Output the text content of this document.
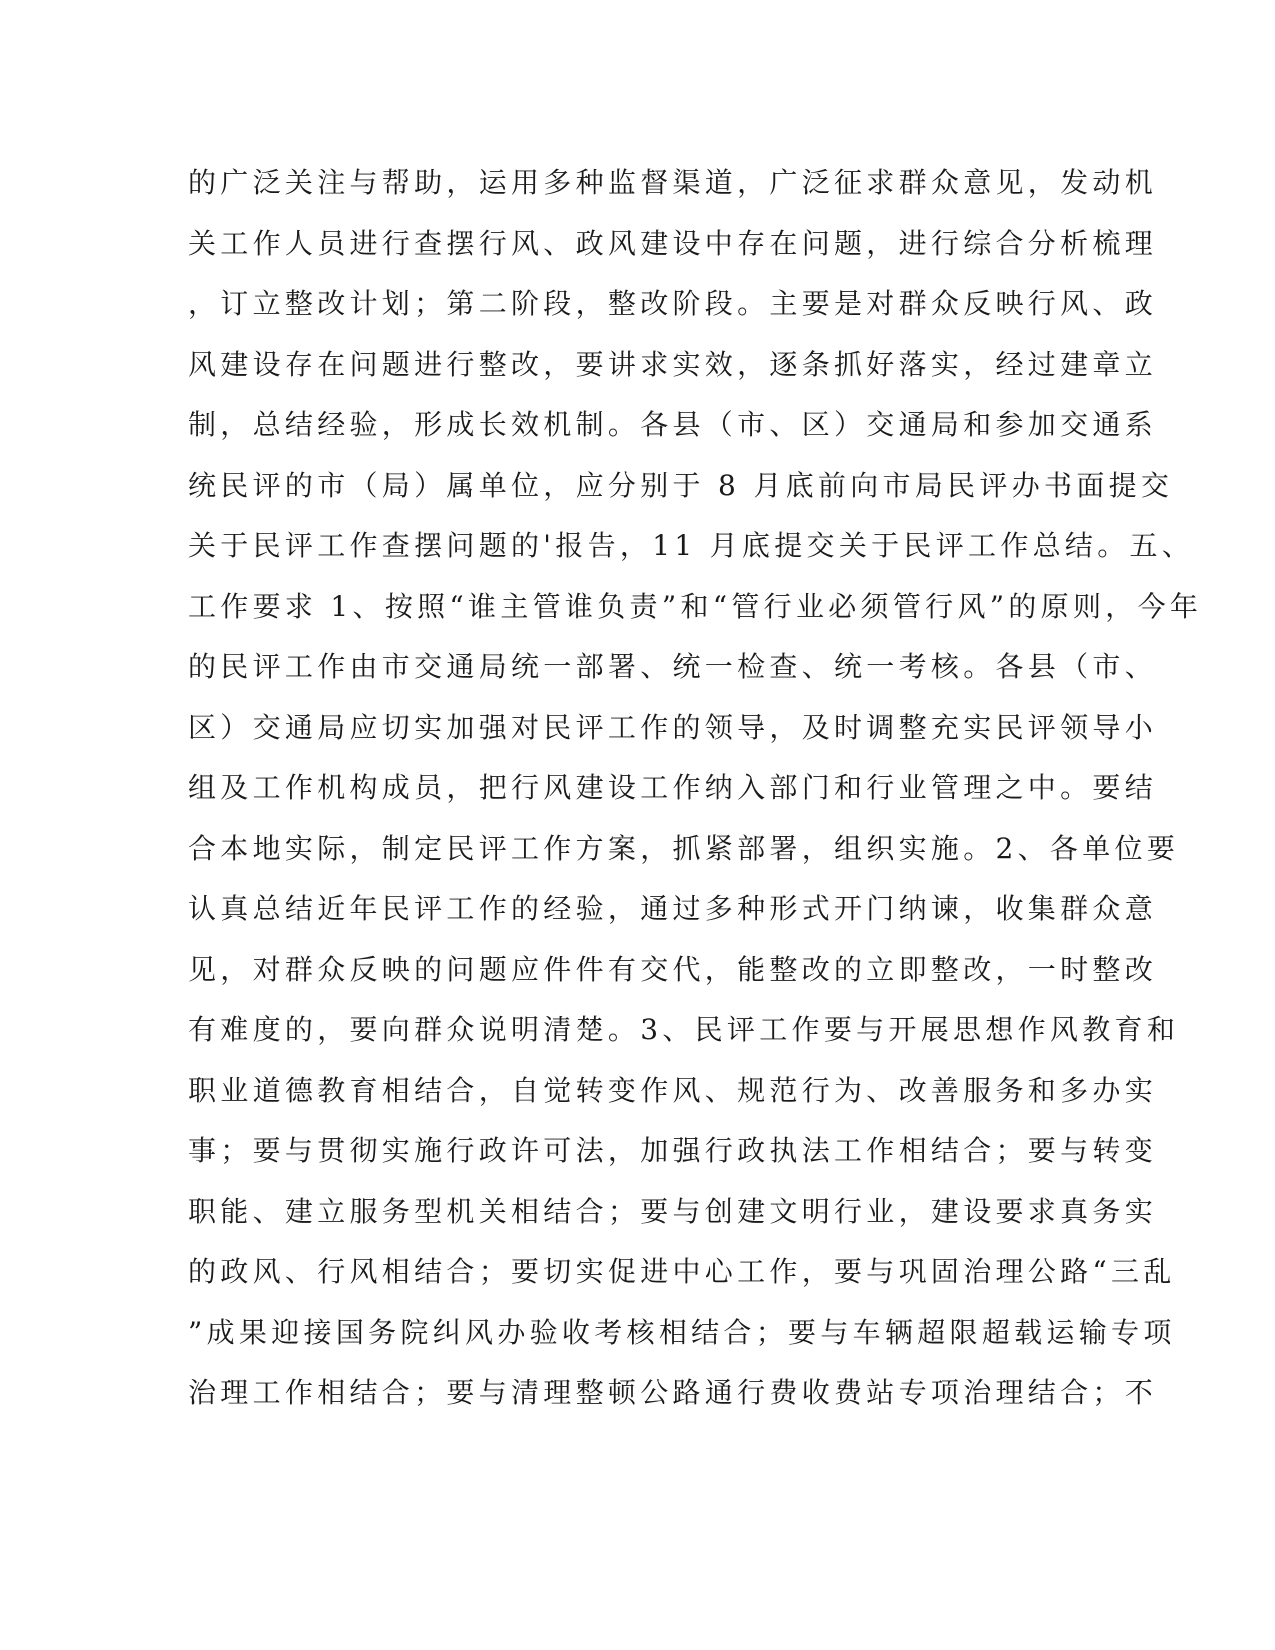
的广泛关注与帮助，运用多种监督渠道，广泛征求群众意见，发动机
关工作人员进行查摆行风、政风建设中存在问题，进行综合分析梳理
，订立整改计划；第二阶段，整改阶段。主要是对群众反映行风、政
风建设存在问题进行整改，要讲求实效，逐条抓好落实，经过建章立
制，总结经验，形成长效机制。各县（市、区）交通局和参加交通系
统民评的市（局）属单位，应分别于 8 月底前向市局民评办书面提交
关于民评工作查摆问题的'报告，11 月底提交关于民评工作总结。五、
工作要求 1、按照“谁主管谁负责”和“管行业必须管行风”的原则，今年
的民评工作由市交通局统一部署、统一检查、统一考核。各县（市、
区）交通局应切实加强对民评工作的领导，及时调整充实民评领导小
组及工作机构成员，把行风建设工作纳入部门和行业管理之中。要结
合本地实际，制定民评工作方案，抓紧部署，组织实施。2、各单位要
认真总结近年民评工作的经验，通过多种形式开门纳谏，收集群众意
见，对群众反映的问题应件件有交代，能整改的立即整改，一时整改
有难度的，要向群众说明清楚。3、民评工作要与开展思想作风教育和
职业道德教育相结合，自觉转变作风、规范行为、改善服务和多办实
事；要与贯彻实施行政许可法，加强行政执法工作相结合；要与转变
职能、建立服务型机关相结合；要与创建文明行业，建设要求真务实
的政风、行风相结合；要切实促进中心工作，要与巩固治理公路“三乱
”成果迎接国务院纠风办验收考核相结合；要与车辆超限超载运输专项
治理工作相结合；要与清理整顿公路通行费收费站专项治理结合；不
